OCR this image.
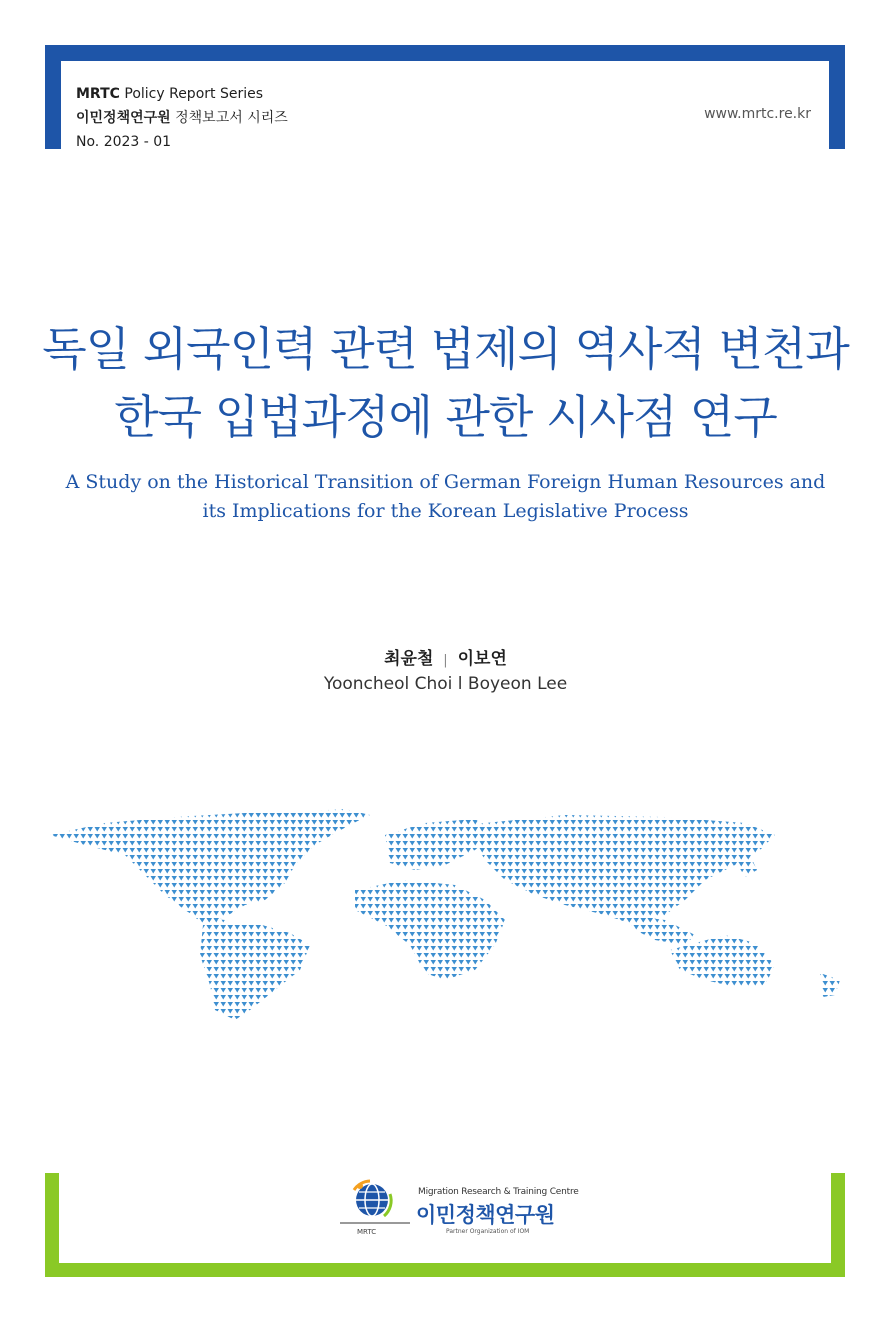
MRTC Policy Report Series
이민정책연구원 정책보고서 시리즈
No. 2023 - 01
www.mrtc.re.kr
독일 외국인력 관련 법제의 역사적 변천과
한국 입법과정에 관한 시사점 연구
A Study on the Historical Transition of German Foreign Human Resources and
its Implications for the Korean Legislative Process
최윤철 | 이보연
Yooncheol Choi l Boyeon Lee
MRTC
Migration Research & Training Centre
이민정책연구원
Partner Organization of IOM
